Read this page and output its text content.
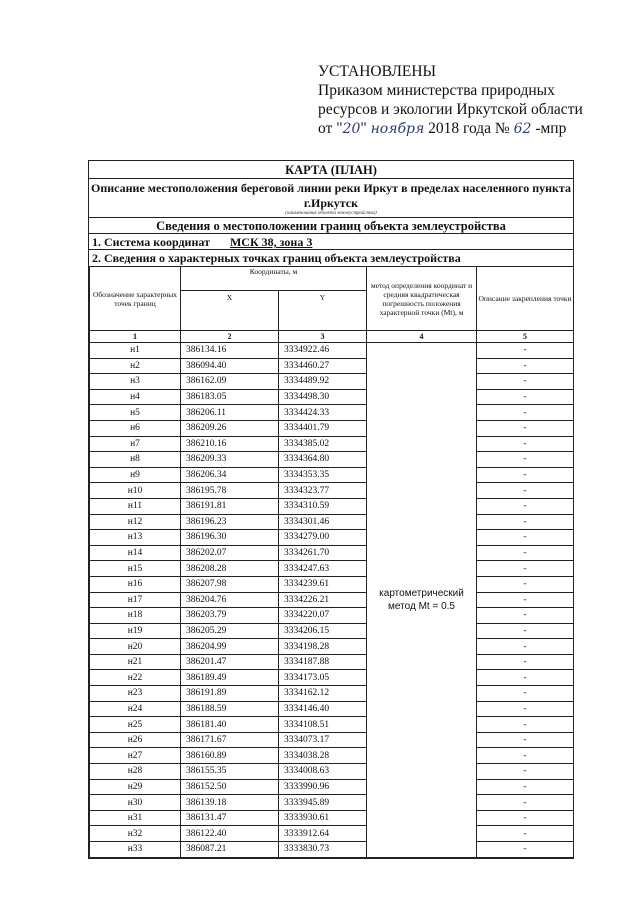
УСТАНОВЛЕНЫ
Приказом министерства природных
ресурсов и экологии Иркутской области
от "20" ноября 2018 года № 62 -мпр
КАРТА (ПЛАН)
Описание местоположения береговой линии реки Иркут в пределах населенного пункта г.Иркутск
(наименование объекта землеустройства)
Сведения о местоположении границ объекта землеустройства
1. Система координат МСК 38, зона 3
2. Сведения о характерных точках границ объекта землеустройства
Обозначение характерных точек границ	Координаты, м		метод определения координат и средняя квадратическая погрешность положения характерной точки (Mt), м	Описание закрепления точки
	X	Y		
1	2	3	4	5
н1	386134.16	3334922.46	картометрический метод Mt = 0.5	-
н2	386094.40	3334460.27		-
н3	386162.09	3334489.92		-
н4	386183.05	3334498.30		-
н5	386206.11	3334424.33		-
н6	386209.26	3334401.79		-
н7	386210.16	3334385.02		-
н8	386209.33	3334364.80		-
н9	386206.34	3334353.35		-
н10	386195.78	3334323.77		-
н11	386191.81	3334310.59		-
н12	386196.23	3334301.46		-
н13	386196.30	3334279.00		-
н14	386202.07	3334261.70		-
н15	386208.28	3334247.63		-
н16	386207.98	3334239.61		-
н17	386204.76	3334226.21		-
н18	386203.79	3334220.07		-
н19	386205.29	3334206.15		-
н20	386204.99	3334198.28		-
н21	386201.47	3334187.88		-
н22	386189.49	3334173.05		-
н23	386191.89	3334162.12		-
н24	386188.59	3334146.40		-
н25	386181.40	3334108.51		-
н26	386171.67	3334073.17		-
н27	386160.89	3334038.28		-
н28	386155.35	3334008.63		-
н29	386152.50	3333990.96		-
н30	386139.18	3333945.89		-
н31	386131.47	3333930.61		-
н32	386122.40	3333912.64		-
н33	386087.21	3333830.73		-
